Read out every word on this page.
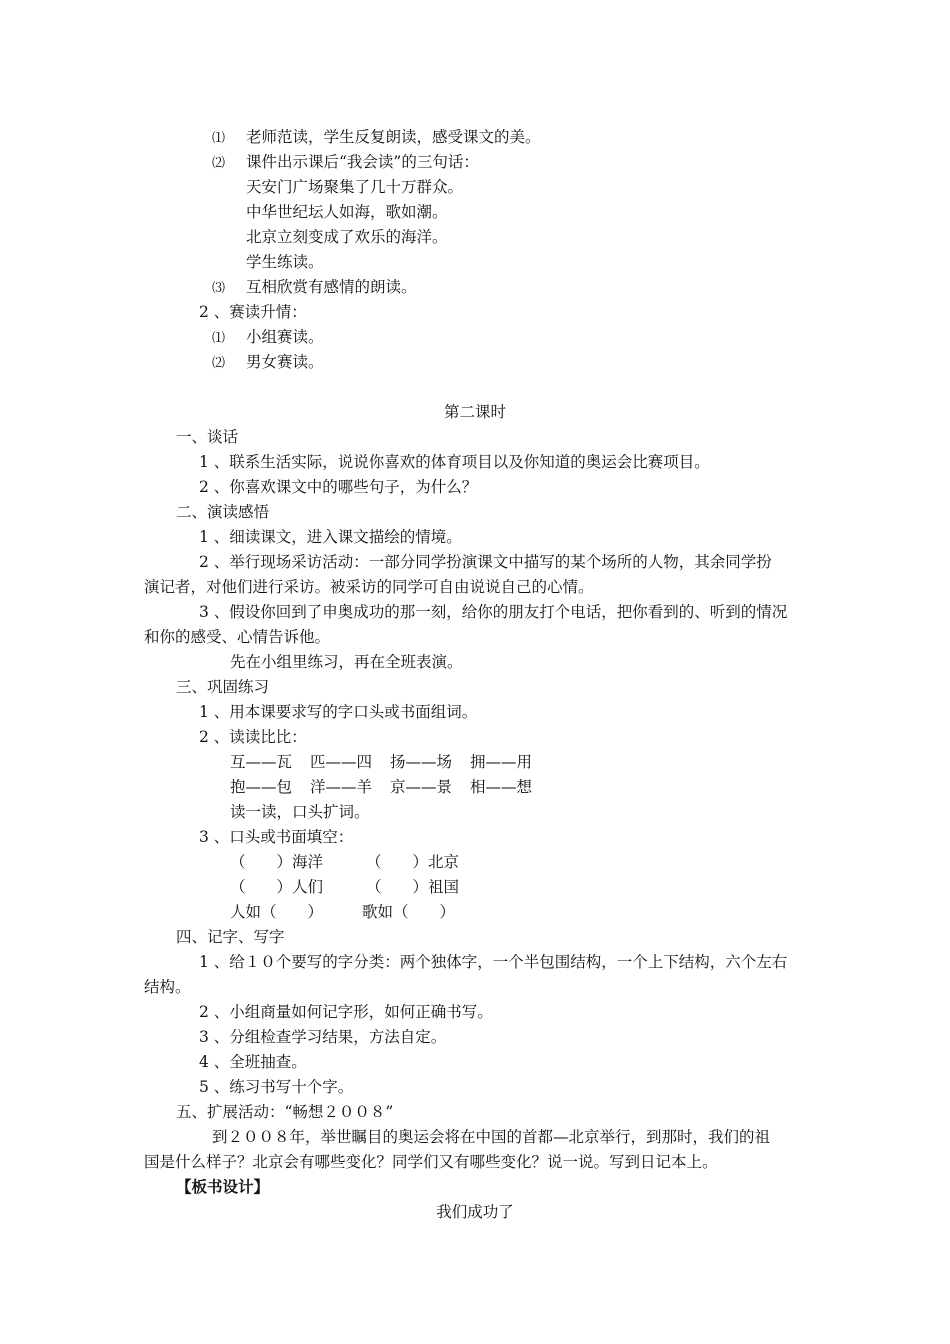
⑴ 老师范读，学生反复朗读，感受课文的美。
⑵ 课件出示课后“我会读”的三句话：
天安门广场聚集了几十万群众。
中华世纪坛人如海，歌如潮。
北京立刻变成了欢乐的海洋。
学生练读。
⑶ 互相欣赏有感情的朗读。
2 、赛读升情：
⑴ 小组赛读。
⑵ 男女赛读。
第二课时
一、谈话
1 、联系生活实际，说说你喜欢的体育项目以及你知道的奥运会比赛项目。
2 、你喜欢课文中的哪些句子，为什么？
二、演读感悟
1 、细读课文，进入课文描绘的情境。
2 、举行现场采访活动：一部分同学扮演课文中描写的某个场所的人物，其余同学扮
演记者，对他们进行采访。被采访的同学可自由说说自己的心情。
3 、假设你回到了申奥成功的那一刻，给你的朋友打个电话，把你看到的、听到的情况
和你的感受、心情告诉他。
先在小组里练习，再在全班表演。
三、巩固练习
1 、用本课要求写的字口头或书面组词。
2 、读读比比：
互——瓦 匹——四 扬——场 拥——用
抱——包 洋——羊 京——景 相——想
读一读，口头扩词。
3 、口头或书面填空：
（　　）海洋	（　　）北京
（　　）人们	（　　）祖国
人如（　　）	歌如（　　）
四、记字、写字
1 、给１０个要写的字分类：两个独体字，一个半包围结构，一个上下结构，六个左右
结构。
2 、小组商量如何记字形，如何正确书写。
3 、分组检查学习结果，方法自定。
4 、全班抽查。
5 、练习书写十个字。
五、扩展活动：“畅想２００８”
到２００８年，举世瞩目的奥运会将在中国的首都—北京举行，到那时，我们的祖
国是什么样子？北京会有哪些变化？同学们又有哪些变化？说一说。写到日记本上。
【板书设计】
我们成功了
